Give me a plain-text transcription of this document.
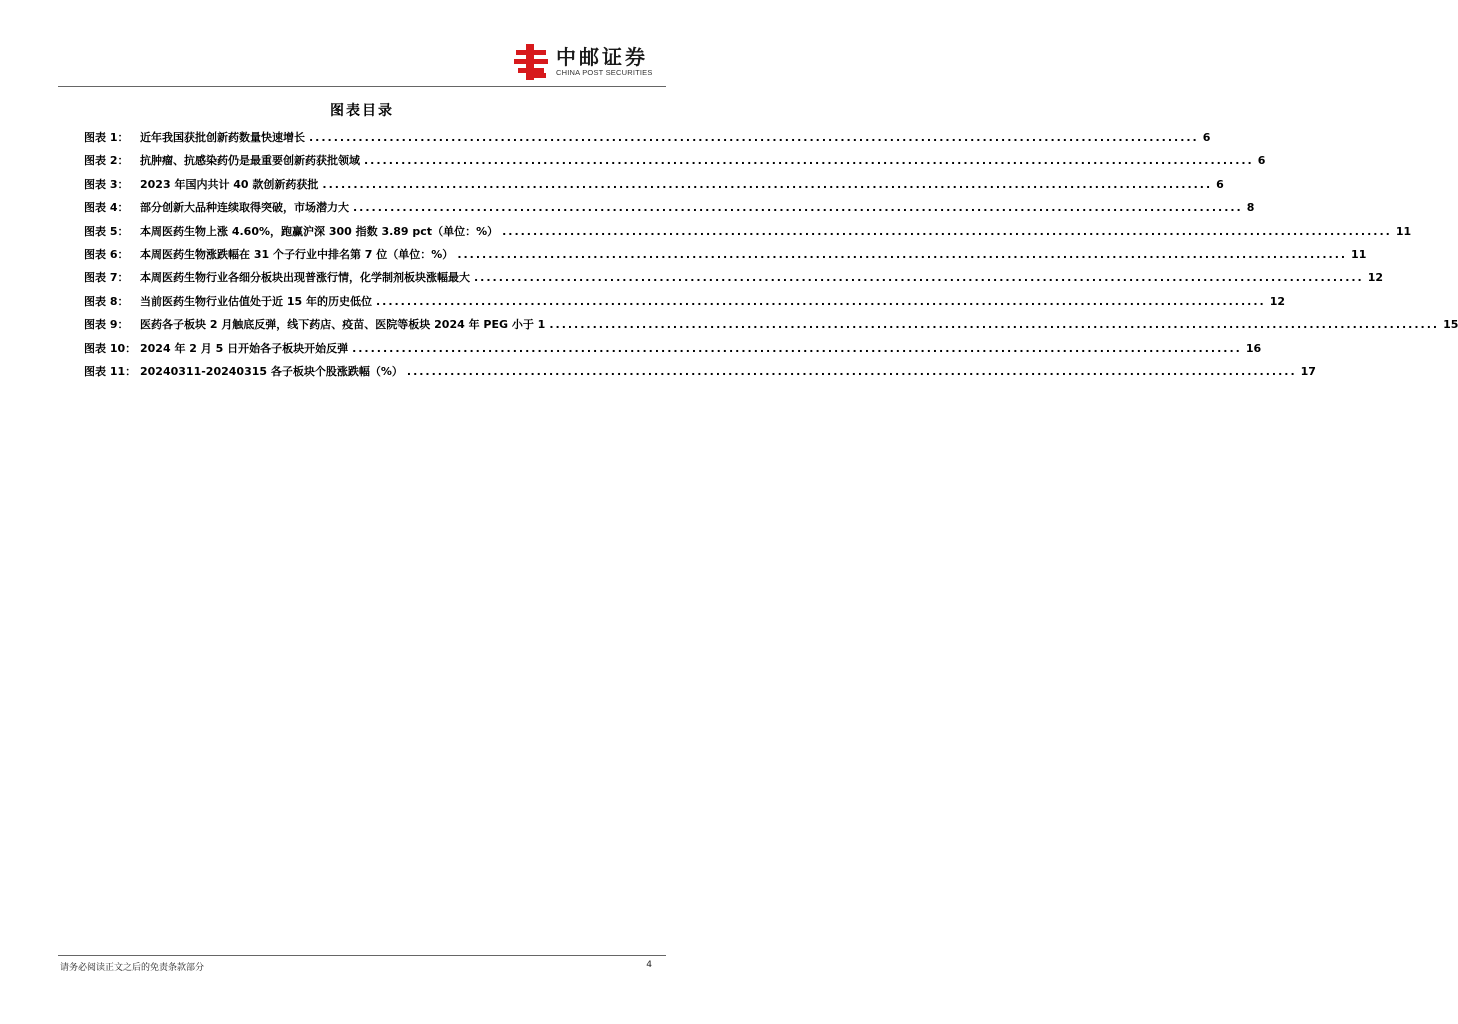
中邮证券
CHINA POST SECURITIES
图表目录
图表 1：	近年我国获批创新药数量快速增长 .....	6
图表 2：	抗肿瘤、抗感染药仍是最重要创新药获批领域 .....	6
图表 3：	2023 年国内共计 40 款创新药获批 .....	6
图表 4：	部分创新大品种连续取得突破，市场潜力大 .....	8
图表 5：	本周医药生物上涨 4.60%，跑赢沪深 300 指数 3.89 pct（单位：%） .....	11
图表 6：	本周医药生物涨跌幅在 31 个子行业中排名第 7 位（单位：%） .....	11
图表 7：	本周医药生物行业各细分板块出现普涨行情，化学制剂板块涨幅最大 .....	12
图表 8：	当前医药生物行业估值处于近 15 年的历史低位 .....	12
图表 9：	医药各子板块 2 月触底反弹，线下药店、疫苗、医院等板块 2024 年 PEG 小于 1 .....	15
图表 10： 2024 年 2 月 5 日开始各子板块开始反弹 .....	16
图表 11： 20240311-20240315 各子板块个股涨跌幅（%） .....	17
请务必阅读正文之后的免责条款部分	4
